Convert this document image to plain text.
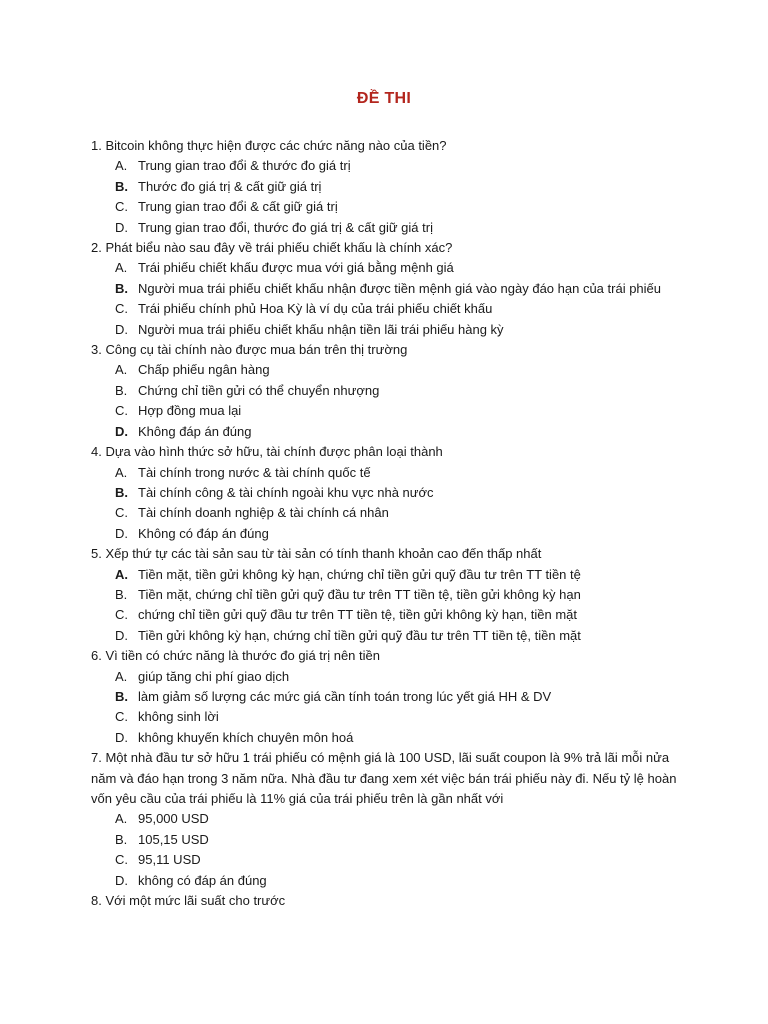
ĐỀ THI
1. Bitcoin không thực hiện được các chức năng nào của tiền?
A. Trung gian trao đổi & thước đo giá trị
B. Thước đo giá trị & cất giữ giá trị
C. Trung gian trao đổi & cất giữ giá trị
D. Trung gian trao đổi, thước đo giá trị & cất giữ giá trị
2. Phát biểu nào sau đây về trái phiếu chiết khấu là chính xác?
A. Trái phiếu chiết khấu được mua với giá bằng mệnh giá
B. Người mua trái phiếu chiết khấu nhận được tiền mệnh giá vào ngày đáo hạn của trái phiếu
C. Trái phiếu chính phủ Hoa Kỳ là ví dụ của trái phiếu chiết khấu
D. Người mua trái phiếu chiết khấu nhận tiền lãi trái phiếu hàng kỳ
3. Công cụ tài chính nào được mua bán trên thị trường
A. Chấp phiếu ngân hàng
B. Chứng chỉ tiền gửi có thể chuyển nhượng
C. Hợp đồng mua lại
D. Không đáp án đúng
4. Dựa vào hình thức sở hữu, tài chính được phân loại thành
A. Tài chính trong nước & tài chính quốc tế
B. Tài chính công & tài chính ngoài khu vực nhà nước
C. Tài chính doanh nghiệp & tài chính cá nhân
D. Không có đáp án đúng
5. Xếp thứ tự các tài sản sau từ tài sản có tính thanh khoản cao đến thấp nhất
A. Tiền mặt, tiền gửi không kỳ hạn, chứng chỉ tiền gửi quỹ đầu tư trên TT tiền tệ
B. Tiền mặt, chứng chỉ tiền gửi quỹ đầu tư trên TT tiền tệ, tiền gửi không kỳ hạn
C. chứng chỉ tiền gửi quỹ đầu tư trên TT tiền tệ, tiền gửi không kỳ hạn, tiền mặt
D. Tiền gửi không kỳ hạn, chứng chỉ tiền gửi quỹ đầu tư trên TT tiền tệ, tiền mặt
6. Vì tiền có chức năng là thước đo giá trị nên tiền
A. giúp tăng chi phí giao dịch
B. làm giảm số lượng các mức giá cần tính toán trong lúc yết giá HH & DV
C. không sinh lời
D. không khuyến khích chuyên môn hoá
7. Một nhà đầu tư sở hữu 1 trái phiếu có mệnh giá là 100 USD, lãi suất coupon là 9% trả lãi mỗi nửa năm và đáo hạn trong 3 năm nữa. Nhà đầu tư đang xem xét việc bán trái phiếu này đi. Nếu tỷ lệ hoàn vốn yêu cầu của trái phiếu là 11% giá của trái phiếu trên là gần nhất với
A. 95,000 USD
B. 105,15 USD
C. 95,11 USD
D. không có đáp án đúng
8. Với một mức lãi suất cho trước
